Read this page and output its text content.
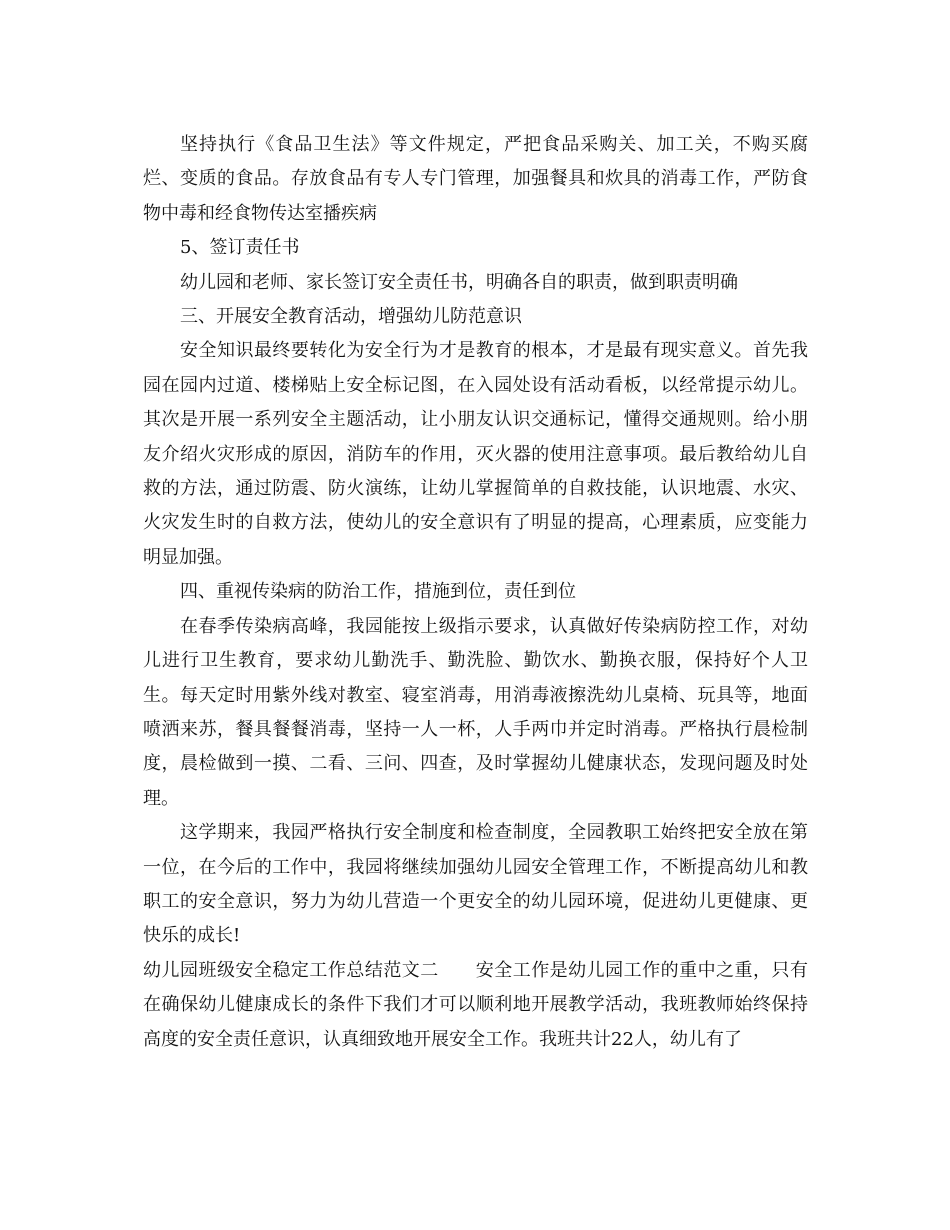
坚持执行《食品卫生法》等文件规定，严把食品采购关、加工关，不购买腐烂、变质的食品。存放食品有专人专门管理，加强餐具和炊具的消毒工作，严防食物中毒和经食物传达室播疾病

5、签订责任书

幼儿园和老师、家长签订安全责任书，明确各自的职责，做到职责明确

三、开展安全教育活动，增强幼儿防范意识

安全知识最终要转化为安全行为才是教育的根本，才是最有现实意义。首先我园在园内过道、楼梯贴上安全标记图，在入园处设有活动看板，以经常提示幼儿。其次是开展一系列安全主题活动，让小朋友认识交通标记，懂得交通规则。给小朋友介绍火灾形成的原因，消防车的作用，灭火器的使用注意事项。最后教给幼儿自救的方法，通过防震、防火演练，让幼儿掌握简单的自救技能，认识地震、水灾、火灾发生时的自救方法，使幼儿的安全意识有了明显的提高，心理素质，应变能力明显加强。

四、重视传染病的防治工作，措施到位，责任到位

在春季传染病高峰，我园能按上级指示要求，认真做好传染病防控工作，对幼儿进行卫生教育，要求幼儿勤洗手、勤洗脸、勤饮水、勤换衣服，保持好个人卫生。每天定时用紫外线对教室、寝室消毒，用消毒液擦洗幼儿桌椅、玩具等，地面喷洒来苏，餐具餐餐消毒，坚持一人一杯，人手两巾并定时消毒。严格执行晨检制度，晨检做到一摸、二看、三问、四查，及时掌握幼儿健康状态，发现问题及时处理。

这学期来，我园严格执行安全制度和检查制度，全园教职工始终把安全放在第一位，在今后的工作中，我园将继续加强幼儿园安全管理工作，不断提高幼儿和教职工的安全意识，努力为幼儿营造一个更安全的幼儿园环境，促进幼儿更健康、更快乐的成长!

幼儿园班级安全稳定工作总结范文二　　安全工作是幼儿园工作的重中之重，只有在确保幼儿健康成长的条件下我们才可以顺利地开展教学活动，我班教师始终保持高度的安全责任意识，认真细致地开展安全工作。我班共计22人，幼儿有了
